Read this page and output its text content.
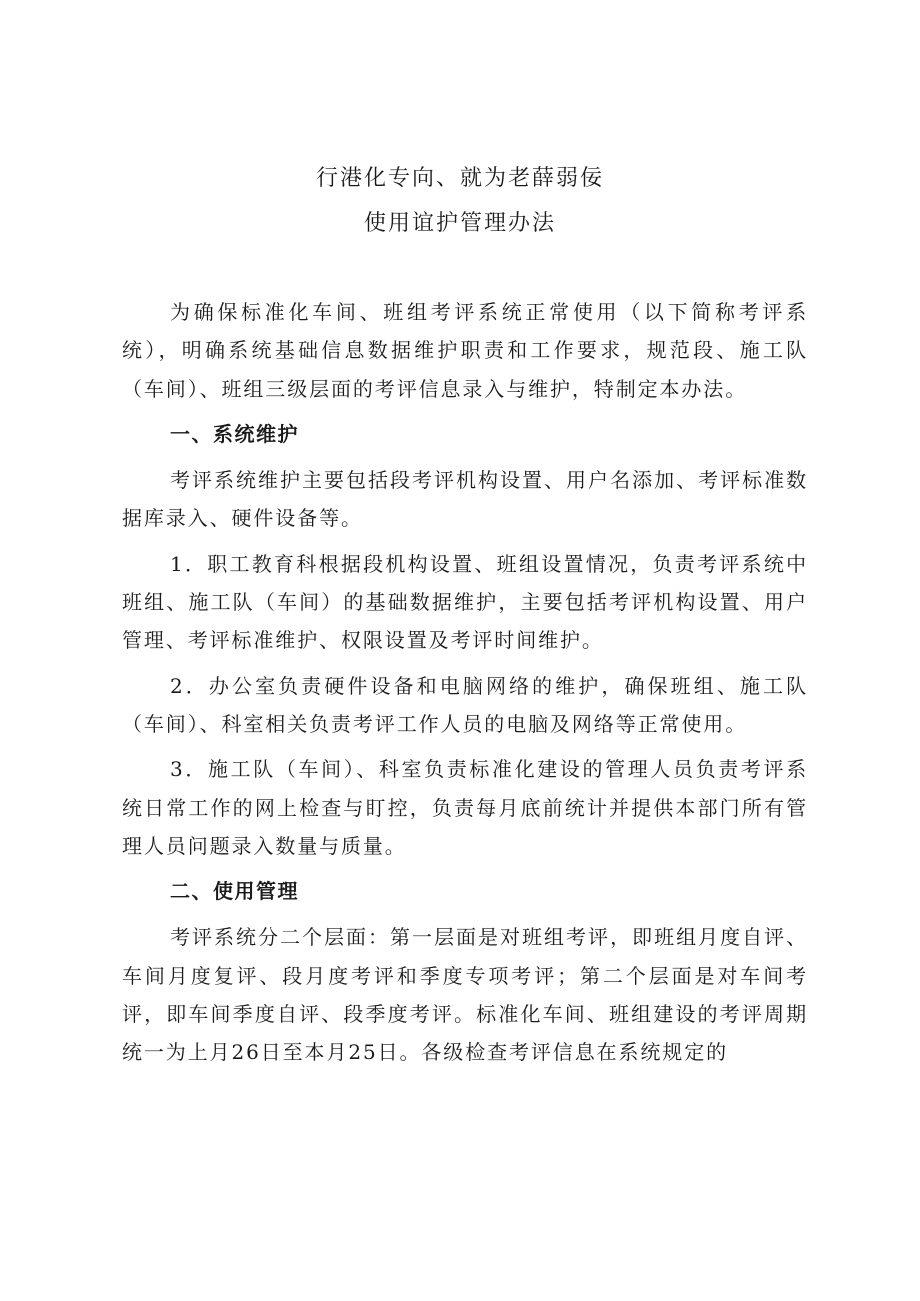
行港化专向、就为老薛弱佞
使用谊护管理办法

为确保标准化车间、班组考评系统正常使用（以下简称考评系统），明确系统基础信息数据维护职责和工作要求，规范段、施工队（车间）、班组三级层面的考评信息录入与维护，特制定本办法。

一、系统维护

考评系统维护主要包括段考评机构设置、用户名添加、考评标准数据库录入、硬件设备等。

1．职工教育科根据段机构设置、班组设置情况，负责考评系统中班组、施工队（车间）的基础数据维护，主要包括考评机构设置、用户管理、考评标准维护、权限设置及考评时间维护。

2．办公室负责硬件设备和电脑网络的维护，确保班组、施工队（车间）、科室相关负责考评工作人员的电脑及网络等正常使用。

3．施工队（车间）、科室负责标准化建设的管理人员负责考评系统日常工作的网上检查与盯控，负责每月底前统计并提供本部门所有管理人员问题录入数量与质量。

二、使用管理

考评系统分二个层面：第一层面是对班组考评，即班组月度自评、车间月度复评、段月度考评和季度专项考评；第二个层面是对车间考评，即车间季度自评、段季度考评。标准化车间、班组建设的考评周期统一为上月26日至本月25日。各级检查考评信息在系统规定的
